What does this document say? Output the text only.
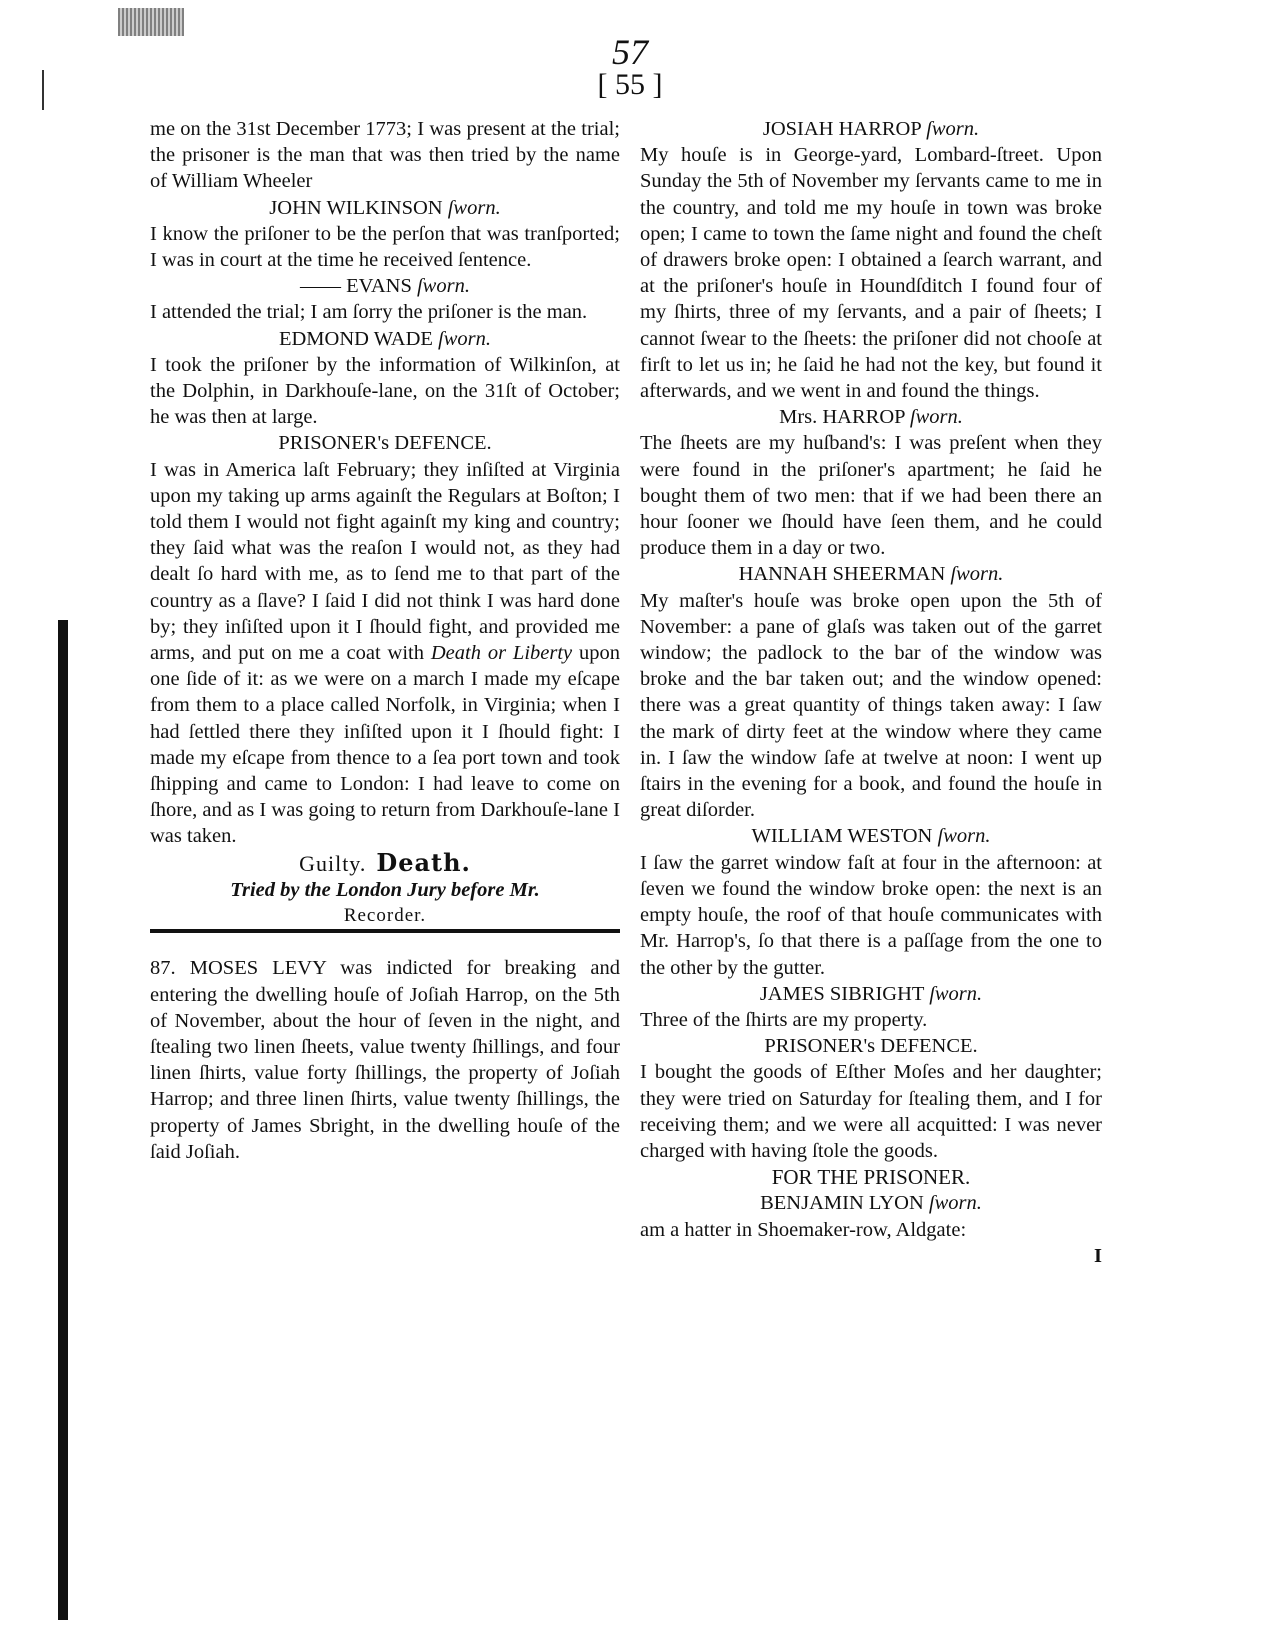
57
[ 55 ]

me on the 31st December 1773; I was present at the trial; the prisoner is the man that was then tried by the name of William Wheeler

JOHN WILKINSON ſworn.

I know the priſoner to be the perſon that was tranſported; I was in court at the time he received ſentence.

—— EVANS ſworn.

I attended the trial; I am ſorry the priſoner is the man.

EDMOND WADE ſworn.

I took the priſoner by the information of Wilkinſon, at the Dolphin, in Darkhouſe-lane, on the 31ſt of October; he was then at large.

PRISONER's DEFENCE.

I was in America laſt February; they inſiſted at Virginia upon my taking up arms againſt the Regulars at Boſton; I told them I would not fight againſt my king and country; they ſaid what was the reaſon I would not, as they had dealt ſo hard with me, as to ſend me to that part of the country as a ſlave? I ſaid I did not think I was hard done by; they inſiſted upon it I ſhould fight, and provided me arms, and put on me a coat with Death or Liberty upon one ſide of it: as we were on a march I made my eſcape from them to a place called Norfolk, in Virginia; when I had ſettled there they inſiſted upon it I ſhould fight: I made my eſcape from thence to a ſea port town and took ſhipping and came to London: I had leave to come on ſhore, and as I was going to return from Darkhouſe-lane I was taken.

Guilty. Death.

Tried by the London Jury before Mr.

Recorder.

87. MOSES LEVY was indicted for breaking and entering the dwelling houſe of Joſiah Harrop, on the 5th of November, about the hour of ſeven in the night, and ſtealing two linen ſheets, value twenty ſhillings, and four linen ſhirts, value forty ſhillings, the property of Joſiah Harrop; and three linen ſhirts, value twenty ſhillings, the property of James Sbright, in the dwelling houſe of the ſaid Joſiah.

JOSIAH HARROP ſworn.

My houſe is in George-yard, Lombard-ſtreet. Upon Sunday the 5th of November my ſervants came to me in the country, and told me my houſe in town was broke open; I came to town the ſame night and found the cheſt of drawers broke open: I obtained a ſearch warrant, and at the priſoner's houſe in Houndſditch I found four of my ſhirts, three of my ſervants, and a pair of ſheets; I cannot ſwear to the ſheets: the priſoner did not chooſe at firſt to let us in; he ſaid he had not the key, but found it afterwards, and we went in and found the things.

Mrs. HARROP ſworn.

The ſheets are my huſband's: I was preſent when they were found in the priſoner's apartment; he ſaid he bought them of two men: that if we had been there an hour ſooner we ſhould have ſeen them, and he could produce them in a day or two.

HANNAH SHEERMAN ſworn.

My maſter's houſe was broke open upon the 5th of November: a pane of glaſs was taken out of the garret window; the padlock to the bar of the window was broke and the bar taken out; and the window opened: there was a great quantity of things taken away: I ſaw the mark of dirty feet at the window where they came in. I ſaw the window ſafe at twelve at noon: I went up ſtairs in the evening for a book, and found the houſe in great diſorder.

WILLIAM WESTON ſworn.

I ſaw the garret window faſt at four in the afternoon: at ſeven we found the window broke open: the next is an empty houſe, the roof of that houſe communicates with Mr. Harrop's, ſo that there is a paſſage from the one to the other by the gutter.

JAMES SIBRIGHT ſworn.

Three of the ſhirts are my property.

PRISONER's DEFENCE.

I bought the goods of Eſther Moſes and her daughter; they were tried on Saturday for ſtealing them, and I for receiving them; and we were all acquitted: I was never charged with having ſtole the goods.

FOR THE PRISONER.

BENJAMIN LYON ſworn.

am a hatter in Shoemaker-row, Aldgate:

I
